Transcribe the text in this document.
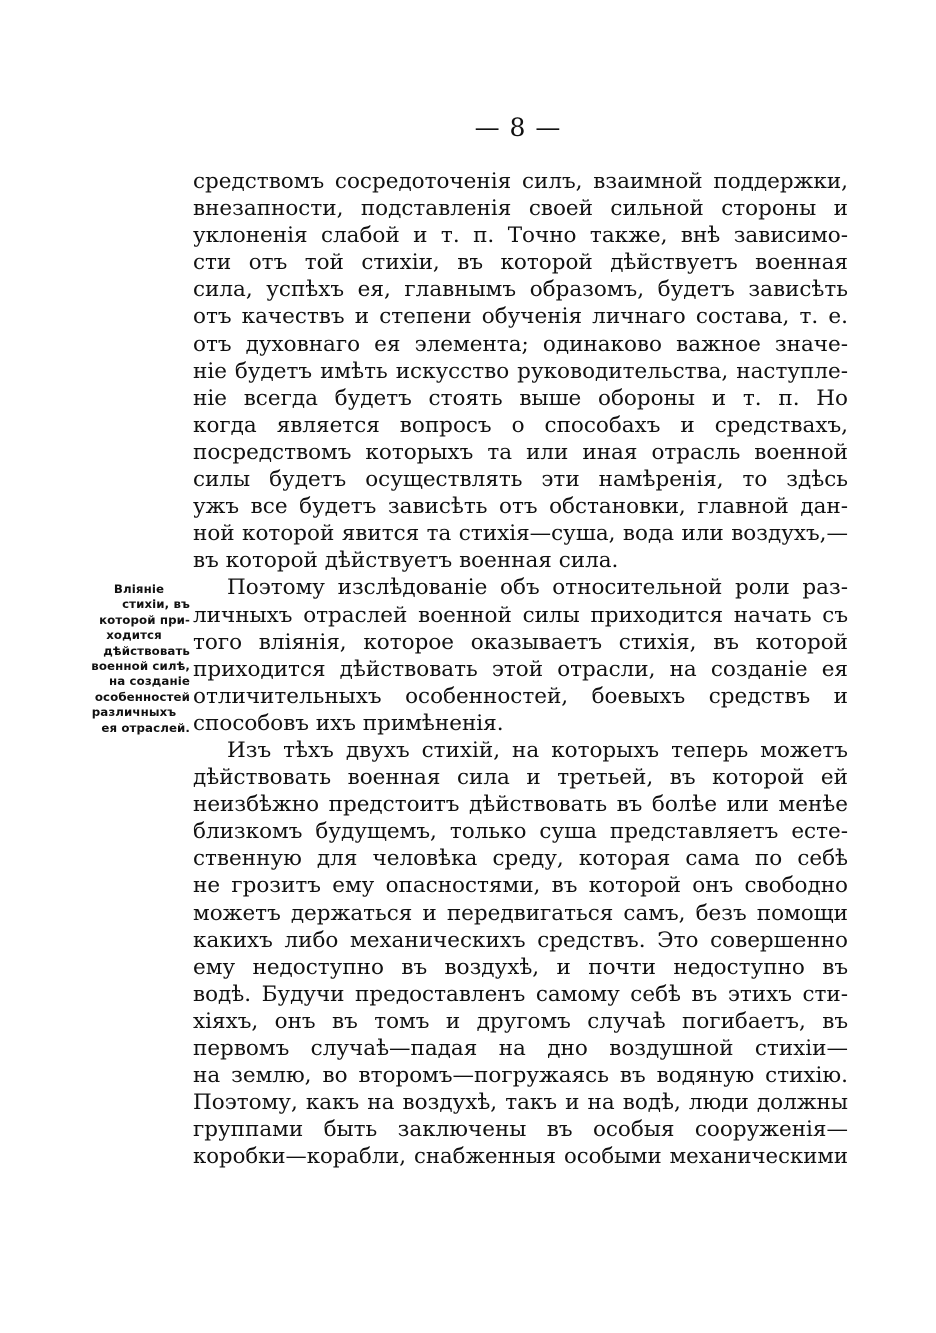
— 8 —
Вліяніе
стихіи, въ
которой при-
ходится
дѣйствовать
военной силѣ,
на созданіе
особенностей
различныхъ
ея отраслей.
средствомъ сосредоточенія силъ, взаимной поддержки,
внезапности, подставленія своей сильной стороны и
уклоненія слабой и т. п. Точно также, внѣ зависимо-
сти отъ той стихіи, въ которой дѣйствуетъ военная
сила, успѣхъ ея, главнымъ образомъ, будетъ зависѣть
отъ качествъ и степени обученія личнаго состава, т. е.
отъ духовнаго ея элемента; одинаково важное значе-
ніе будетъ имѣть искусство руководительства, наступле-
ніе всегда будетъ стоять выше обороны и т. п. Но
когда является вопросъ о способахъ и средствахъ,
посредствомъ которыхъ та или иная отрасль военной
силы будетъ осуществлять эти намѣренія, то здѣсь
ужъ все будетъ зависѣть отъ обстановки, главной дан-
ной которой явится та стихія—суша, вода или воздухъ,—
въ которой дѣйствуетъ военная сила.
Поэтому изслѣдованіе объ относительной роли раз-
личныхъ отраслей военной силы приходится начать съ
того вліянія, которое оказываетъ стихія, въ которой
приходится дѣйствовать этой отрасли, на созданіе ея
отличительныхъ особенностей, боевыхъ средствъ и
способовъ ихъ примѣненія.
Изъ тѣхъ двухъ стихій, на которыхъ теперь можетъ
дѣйствовать военная сила и третьей, въ которой ей
неизбѣжно предстоитъ дѣйствовать въ болѣе или менѣе
близкомъ будущемъ, только суша представляетъ есте-
ственную для человѣка среду, которая сама по себѣ
не грозитъ ему опасностями, въ которой онъ свободно
можетъ держаться и передвигаться самъ, безъ помощи
какихъ либо механическихъ средствъ. Это совершенно
ему недоступно въ воздухѣ, и почти недоступно въ
водѣ. Будучи предоставленъ самому себѣ въ этихъ сти-
хіяхъ, онъ въ томъ и другомъ случаѣ погибаетъ, въ
первомъ случаѣ—падая на дно воздушной стихіи—
на землю, во второмъ—погружаясь въ водяную стихію.
Поэтому, какъ на воздухѣ, такъ и на водѣ, люди должны
группами быть заключены въ особыя сооруженія—
коробки—корабли, снабженныя особыми механическими
